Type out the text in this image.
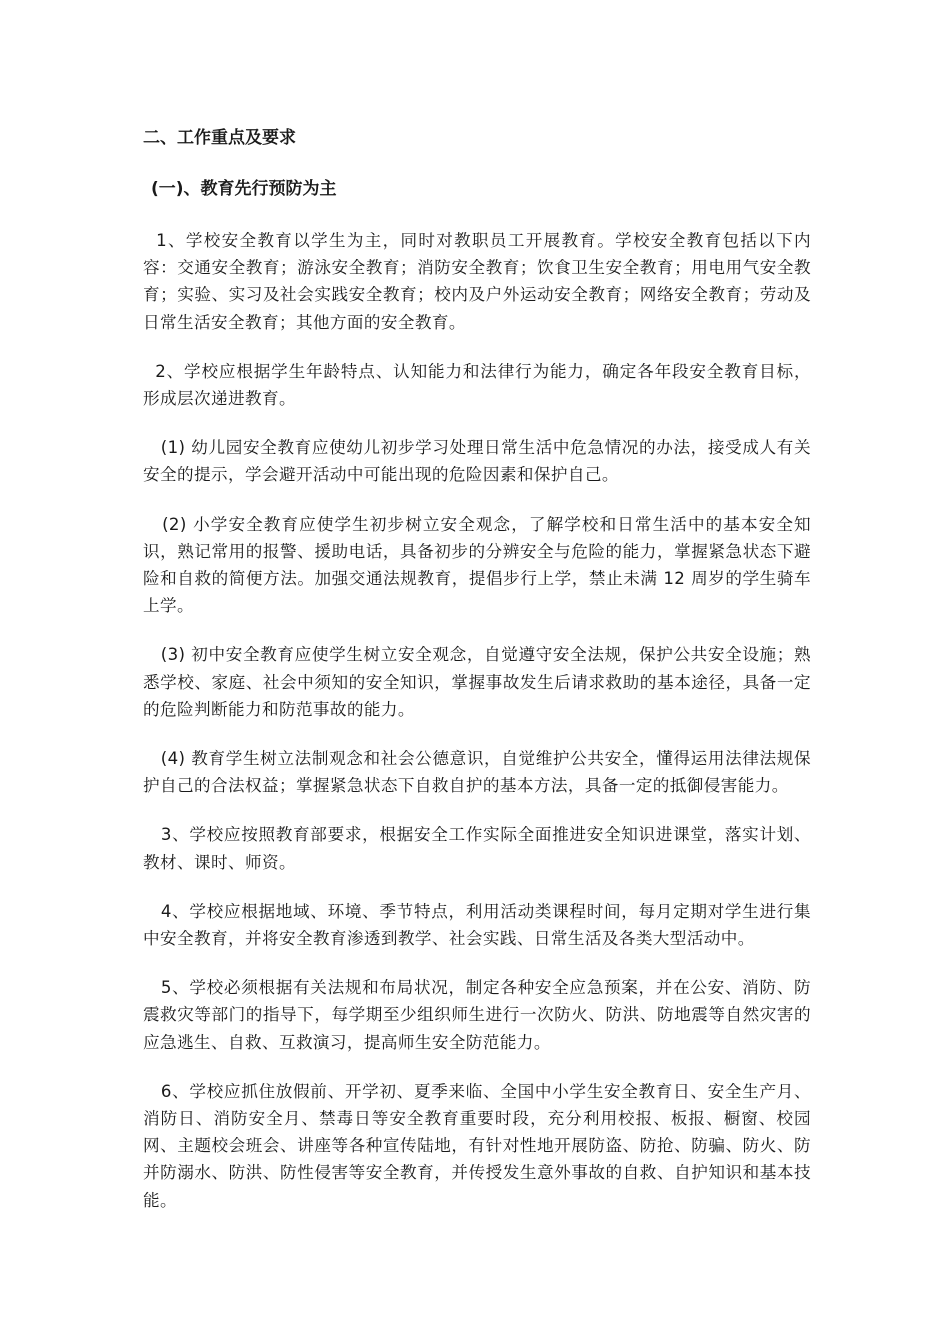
二、工作重点及要求

(一)、教育先行预防为主

1、学校安全教育以学生为主，同时对教职员工开展教育。学校安全教育包括以下内容：交通安全教育；游泳安全教育；消防安全教育；饮食卫生安全教育；用电用气安全教育；实验、实习及社会实践安全教育；校内及户外运动安全教育；网络安全教育；劳动及日常生活安全教育；其他方面的安全教育。

2、学校应根据学生年龄特点、认知能力和法律行为能力，确定各年段安全教育目标，形成层次递进教育。

(1) 幼儿园安全教育应使幼儿初步学习处理日常生活中危急情况的办法，接受成人有关安全的提示，学会避开活动中可能出现的危险因素和保护自己。

(2) 小学安全教育应使学生初步树立安全观念，了解学校和日常生活中的基本安全知识，熟记常用的报警、援助电话，具备初步的分辨安全与危险的能力，掌握紧急状态下避险和自救的简便方法。加强交通法规教育，提倡步行上学，禁止未满 12 周岁的学生骑车上学。

(3) 初中安全教育应使学生树立安全观念，自觉遵守安全法规，保护公共安全设施；熟悉学校、家庭、社会中须知的安全知识，掌握事故发生后请求救助的基本途径，具备一定的危险判断能力和防范事故的能力。

(4) 教育学生树立法制观念和社会公德意识，自觉维护公共安全，懂得运用法律法规保护自己的合法权益；掌握紧急状态下自救自护的基本方法，具备一定的抵御侵害能力。

3、学校应按照教育部要求，根据安全工作实际全面推进安全知识进课堂，落实计划、教材、课时、师资。

4、学校应根据地域、环境、季节特点，利用活动类课程时间，每月定期对学生进行集中安全教育，并将安全教育渗透到教学、社会实践、日常生活及各类大型活动中。

5、学校必须根据有关法规和布局状况，制定各种安全应急预案，并在公安、消防、防震救灾等部门的指导下，每学期至少组织师生进行一次防火、防洪、防地震等自然灾害的应急逃生、自救、互救演习，提高师生安全防范能力。

6、学校应抓住放假前、开学初、夏季来临、全国中小学生安全教育日、安全生产月、消防日、消防安全月、禁毒日等安全教育重要时段，充分利用校报、板报、橱窗、校园网、主题校会班会、讲座等各种宣传陆地，有针对性地开展防盗、防抢、防骗、防火、防并防溺水、防洪、防性侵害等安全教育，并传授发生意外事故的自救、自护知识和基本技能。
